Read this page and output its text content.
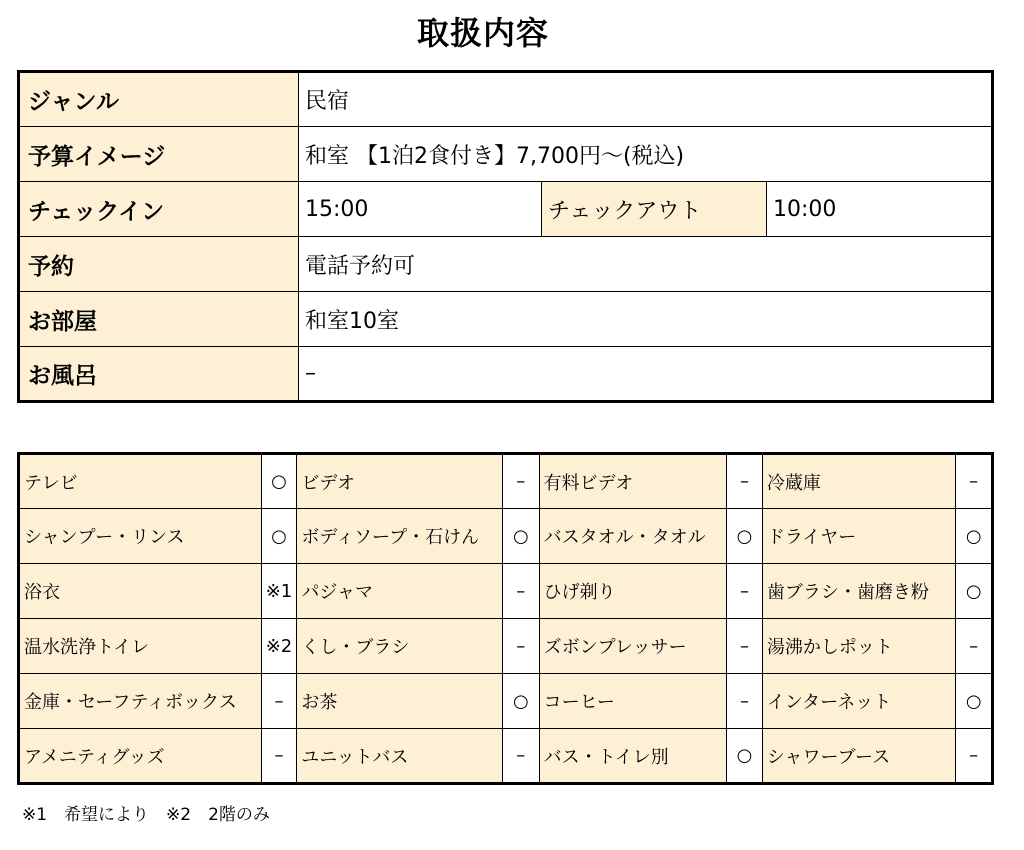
取扱内容
ジャンル	民宿		
予算イメージ	和室 【1泊2食付き】7,700円～(税込)		
チェックイン	15:00	チェックアウト	10:00
予約	電話予約可		
お部屋	和室10室		
お風呂	–		
テレビ	○	ビデオ	–	有料ビデオ	–	冷蔵庫	–
シャンプー・リンス	○	ボディソープ・石けん	○	バスタオル・タオル	○	ドライヤー	○
浴衣	※1	パジャマ	–	ひげ剃り	–	歯ブラシ・歯磨き粉	○
温水洗浄トイレ	※2	くし・ブラシ	–	ズボンプレッサー	–	湯沸かしポット	–
金庫・セーフティボックス	–	お茶	○	コーヒー	–	インターネット	○
アメニティグッズ	–	ユニットバス	–	バス・トイレ別	○	シャワーブース	–
※1　希望により　※2　2階のみ
